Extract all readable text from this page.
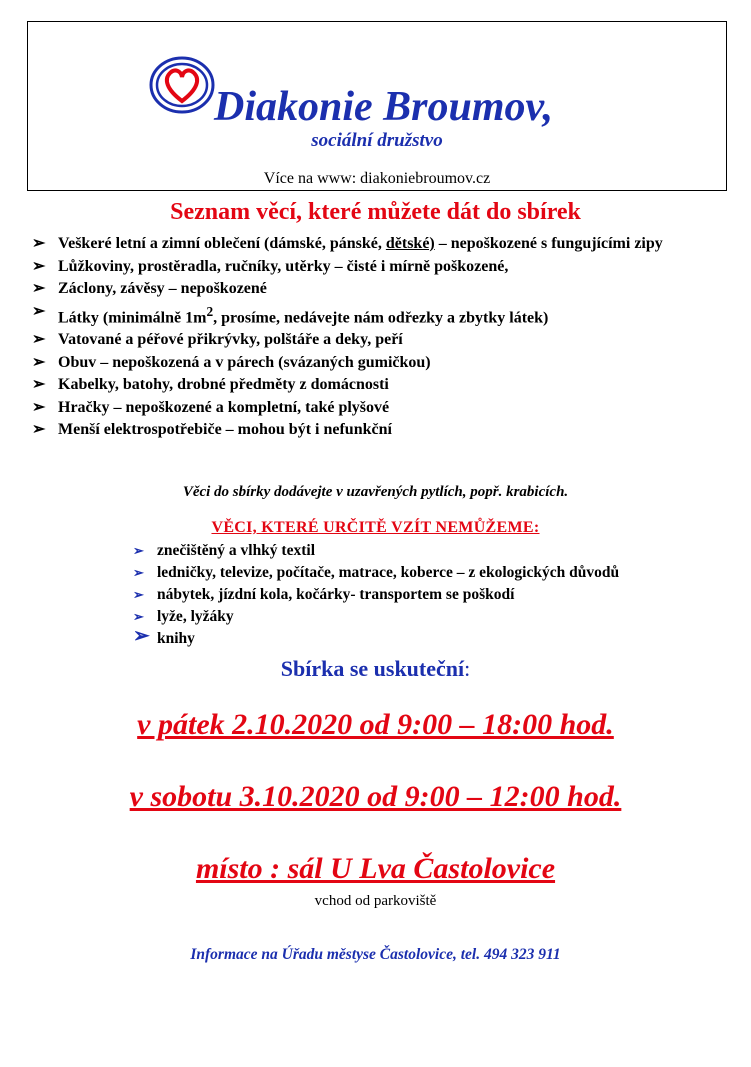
Diakonie Broumov,
sociální družstvo
Více na www: diakoniebroumov.cz
Seznam věcí, které můžete dát do sbírek
➢ Veškeré letní a zimní oblečení (dámské, pánské, dětské) – nepoškozené s fungujícími zipy
➢ Lůžkoviny, prostěradla, ručníky, utěrky – čisté i mírně poškozené,
➢ Záclony, závěsy – nepoškozené
➢ Látky (minimálně $1m^2$, prosíme, nedávejte nám odřezky a zbytky látek)
➢ Vatované a péřové přikrývky, polštáře a deky, peří
➢ Obuv – nepoškozená a v párech (svázaných gumičkou)
➢ Kabelky, batohy, drobné předměty z domácnosti
➢ Hračky – nepoškozené a kompletní, také plyšové
➢ Menší elektrospotřebiče – mohou být i nefunkční
Věci do sbírky dodávejte v uzavřených pytlích, popř. krabicích.
VĚCI, KTERÉ URČITĚ VZÍT NEMŮŽEME:
➢ znečištěný a vlhký textil
➢ ledničky, televize, počítače, matrace, koberce – z ekologických důvodů
➢ nábytek, jízdní kola, kočárky- transportem se poškodí
➢ lyže, lyžáky
➢ knihy
Sbírka se uskuteční:
v pátek 2.10.2020 od 9:00 – 18:00 hod.
v sobotu 3.10.2020 od 9:00 – 12:00 hod.
místo : sál U Lva Častolovice
vchod od parkoviště
Informace na Úřadu městyse Častolovice, tel. 494 323 911
